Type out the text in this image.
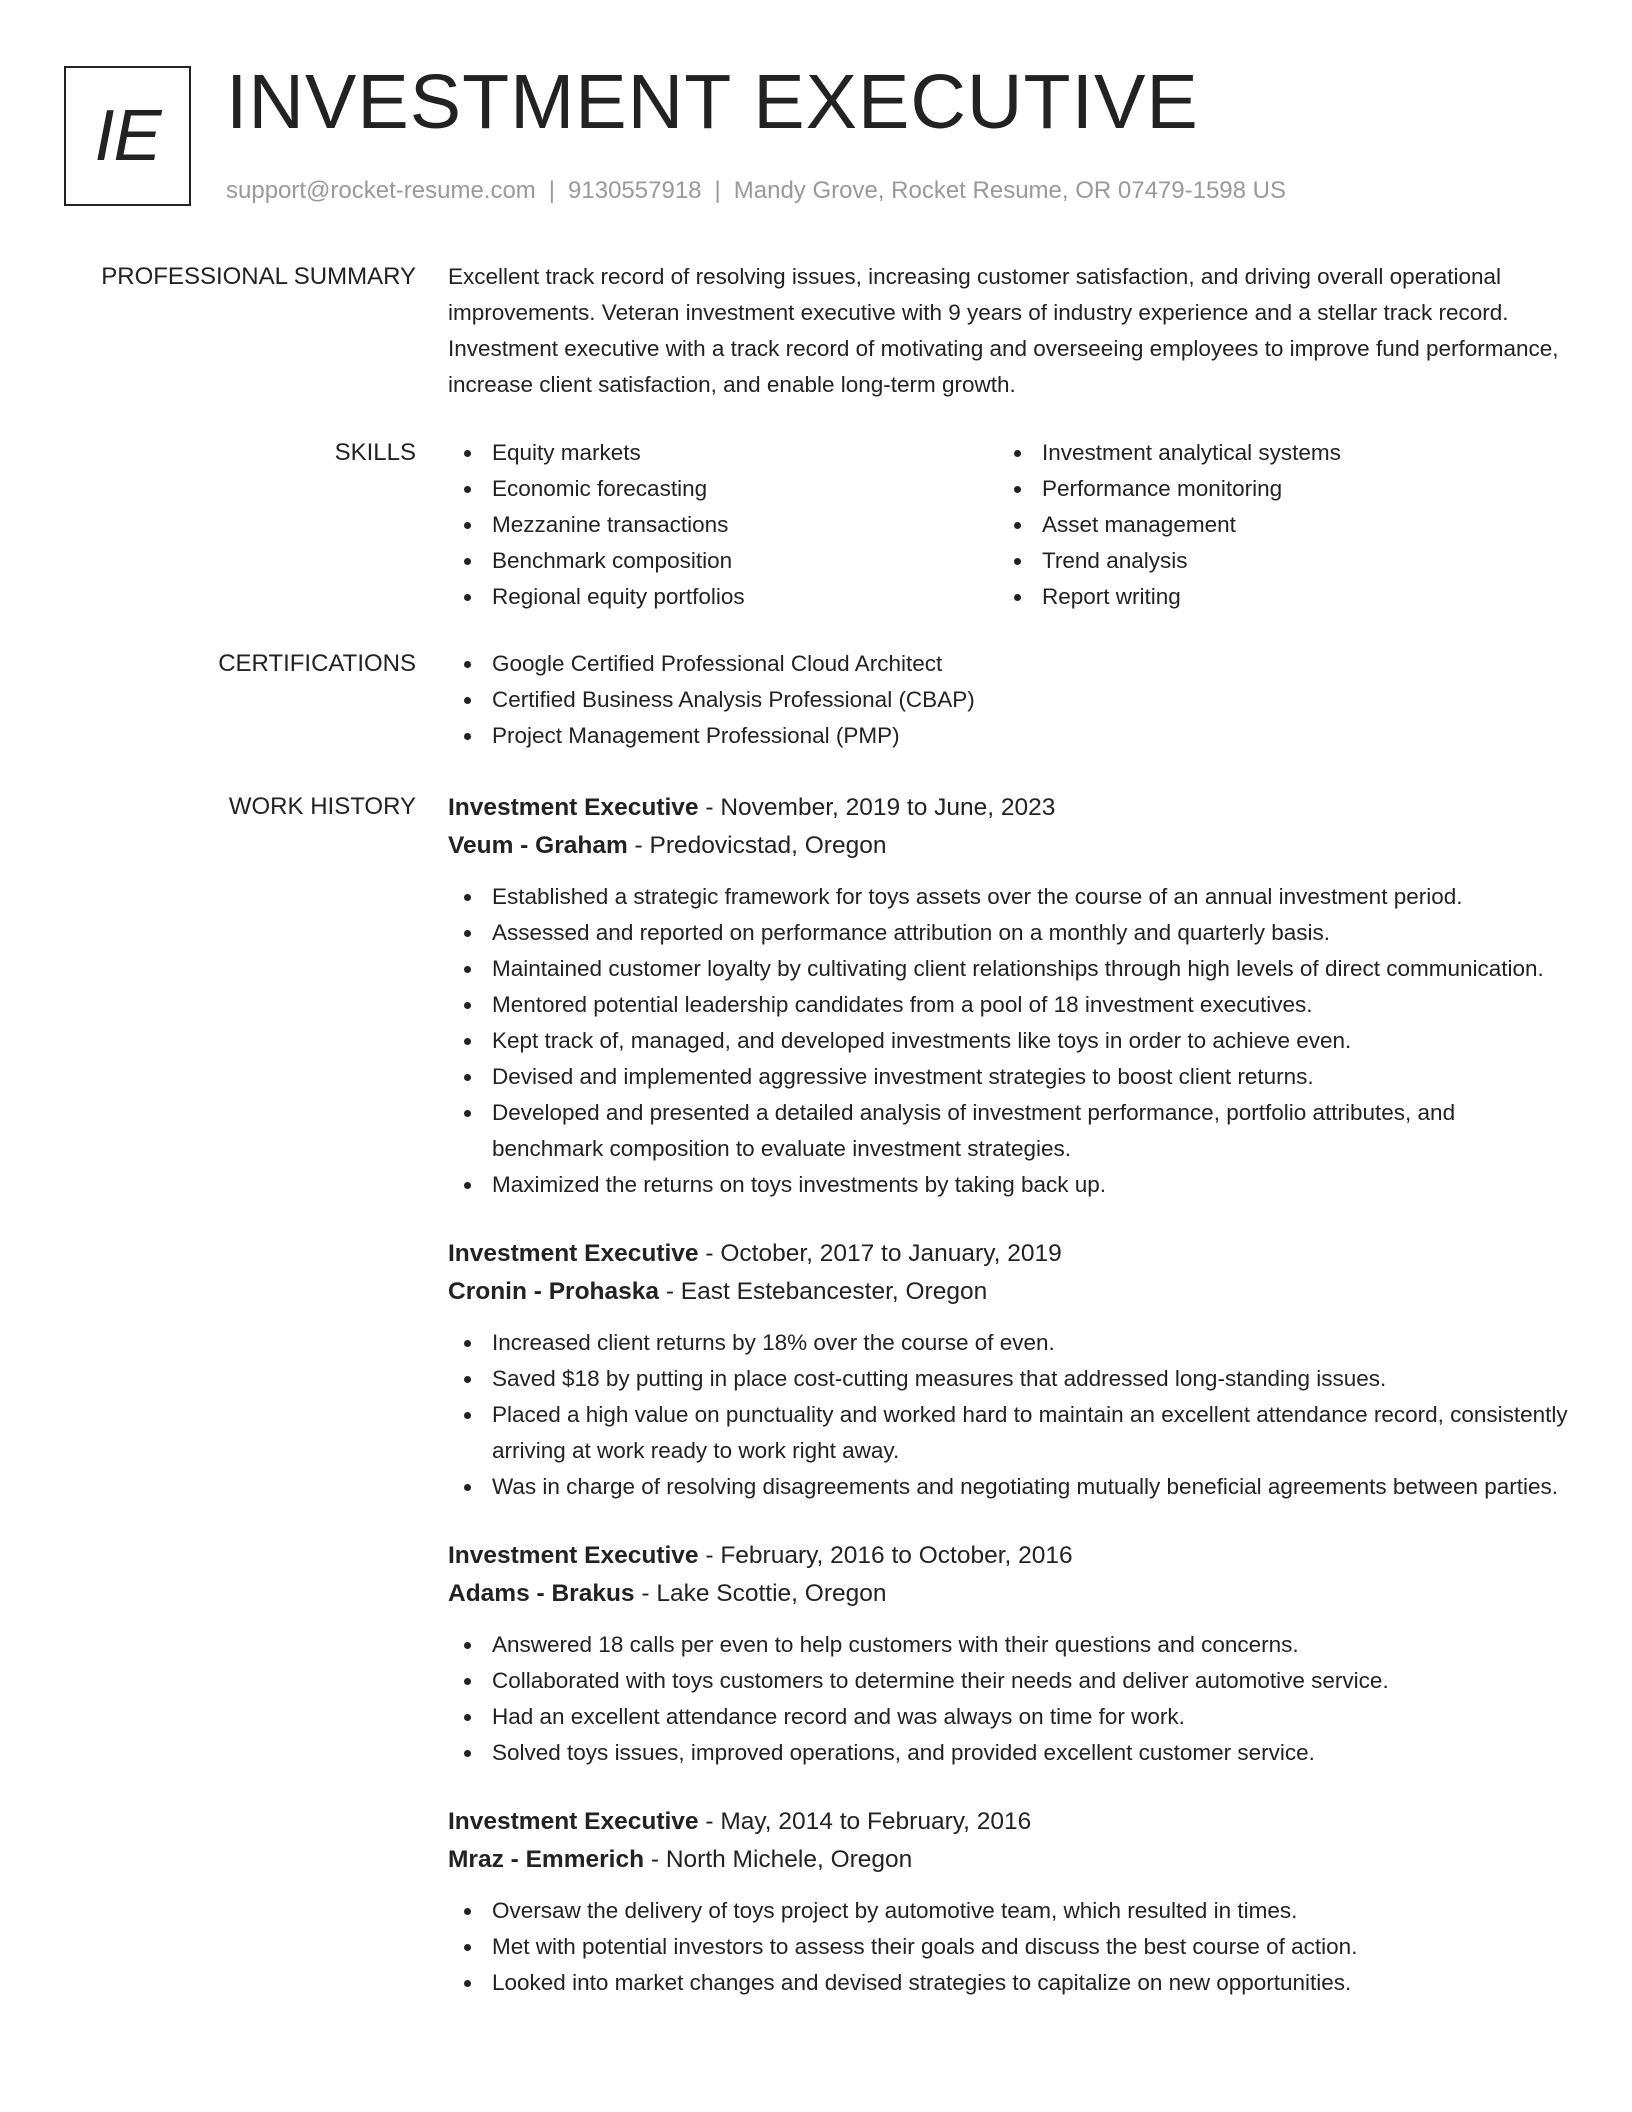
IE INVESTMENT EXECUTIVE
support@rocket-resume.com | 9130557918 | Mandy Grove, Rocket Resume, OR 07479-1598 US
PROFESSIONAL SUMMARY Excellent track record of resolving issues, increasing customer satisfaction, and driving overall operational improvements. Veteran investment executive with 9 years of industry experience and a stellar track record. Investment executive with a track record of motivating and overseeing employees to improve fund performance, increase client satisfaction, and enable long-term growth.
SKILLS	Equity markets
Economic forecasting
Mezzanine transactions
Benchmark composition
Regional equity portfolios
Investment analytical systems
Performance monitoring
Asset management
Trend analysis
Report writing
CERTIFICATIONS	Google Certified Professional Cloud Architect
Certified Business Analysis Professional (CBAP)
Project Management Professional (PMP)
WORK HISTORY Investment Executive - November, 2019 to June, 2023
Veum - Graham - Predovicstad, Oregon
Established a strategic framework for toys assets over the course of an annual investment period.
Assessed and reported on performance attribution on a monthly and quarterly basis.
Maintained customer loyalty by cultivating client relationships through high levels of direct communication.
Mentored potential leadership candidates from a pool of 18 investment executives.
Kept track of, managed, and developed investments like toys in order to achieve even.
Devised and implemented aggressive investment strategies to boost client returns.
Developed and presented a detailed analysis of investment performance, portfolio attributes, and benchmark composition to evaluate investment strategies.
Maximized the returns on toys investments by taking back up.
Investment Executive - October, 2017 to January, 2019
Cronin - Prohaska - East Estebancester, Oregon
Increased client returns by 18% over the course of even.
Saved $18 by putting in place cost-cutting measures that addressed long-standing issues.
Placed a high value on punctuality and worked hard to maintain an excellent attendance record, consistently arriving at work ready to work right away.
Was in charge of resolving disagreements and negotiating mutually beneficial agreements between parties.
Investment Executive - February, 2016 to October, 2016
Adams - Brakus - Lake Scottie, Oregon
Answered 18 calls per even to help customers with their questions and concerns.
Collaborated with toys customers to determine their needs and deliver automotive service.
Had an excellent attendance record and was always on time for work.
Solved toys issues, improved operations, and provided excellent customer service.
Investment Executive - May, 2014 to February, 2016
Mraz - Emmerich - North Michele, Oregon
Oversaw the delivery of toys project by automotive team, which resulted in times.
Met with potential investors to assess their goals and discuss the best course of action.
Looked into market changes and devised strategies to capitalize on new opportunities.
